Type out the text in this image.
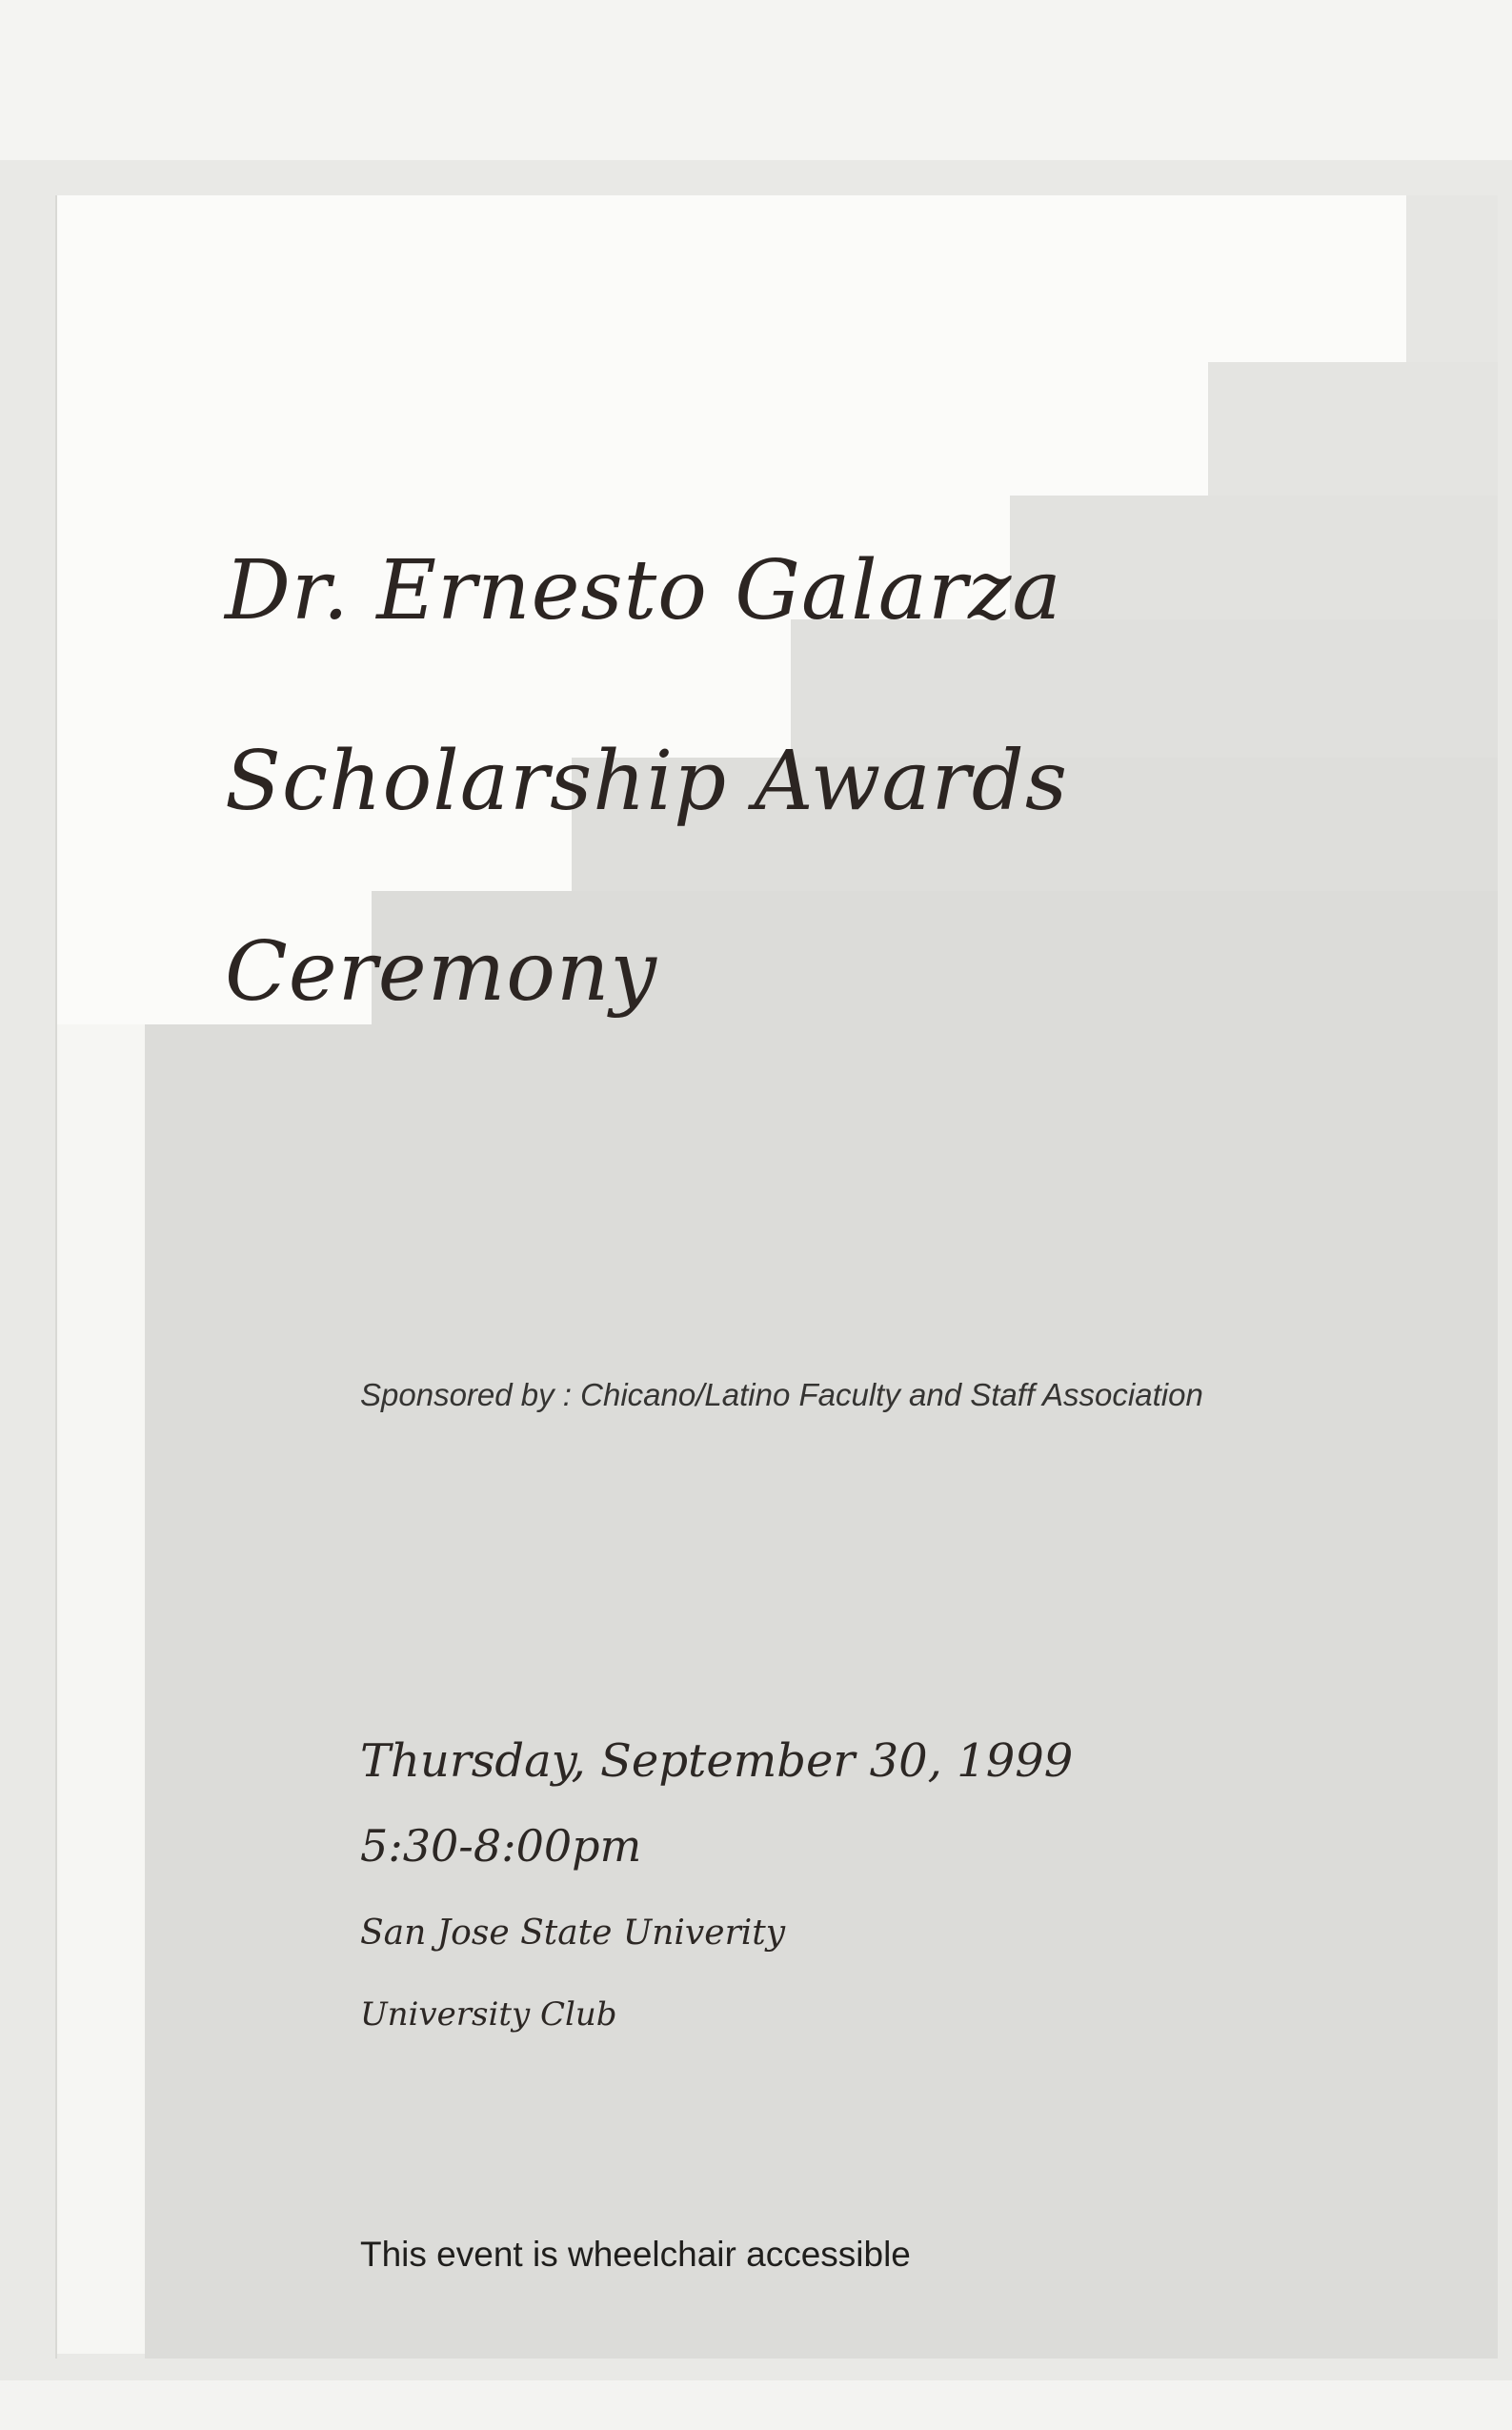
Dr. Ernesto Galarza
Scholarship Awards
Ceremony
Sponsored by : Chicano/Latino Faculty and Staff Association
Thursday, September 30, 1999
5:30-8:00pm
San Jose State Univerity
University Club
This event is wheelchair accessible
